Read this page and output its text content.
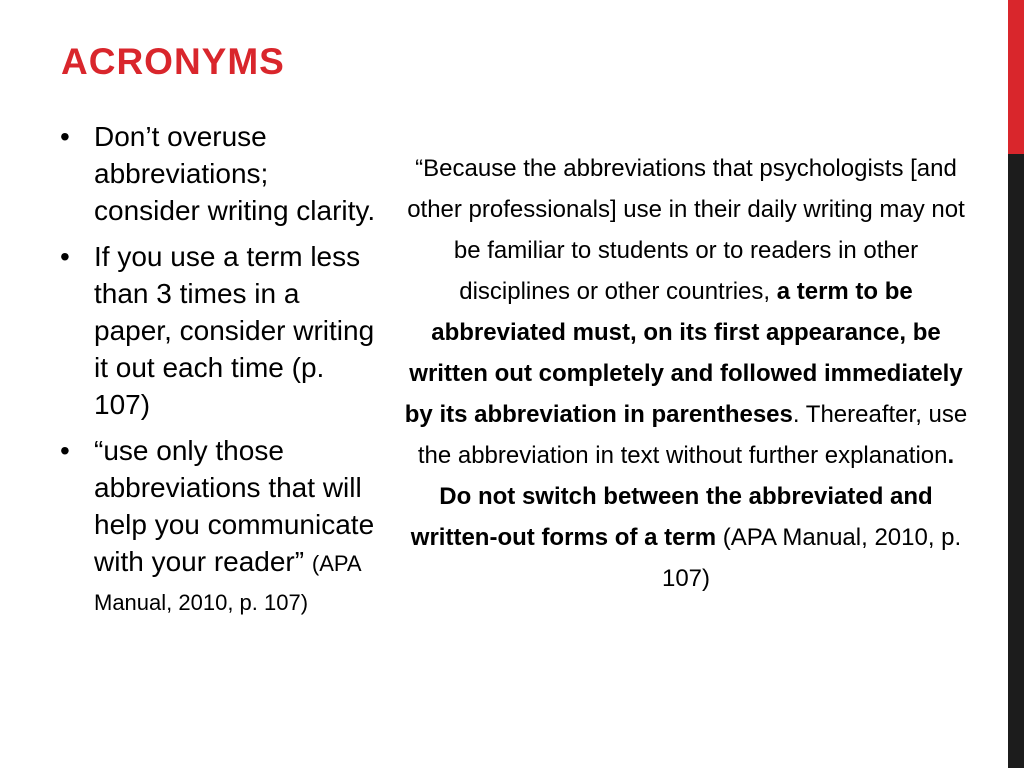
ACRONYMS
• Don’t overuse abbreviations; consider writing clarity.
• If you use a term less than 3 times in a paper, consider writing it out each time (p. 107)
• “use only those abbreviations that will help you communicate with your reader” (APA Manual, 2010, p. 107)

“Because the abbreviations that psychologists [and other professionals] use in their daily writing may not be familiar to students or to readers in other disciplines or other countries, a term to be abbreviated must, on its first appearance, be written out completely and followed immediately by its abbreviation in parentheses. Thereafter, use the abbreviation in text without further explanation. Do not switch between the abbreviated and written-out forms of a term (APA Manual, 2010, p. 107)
